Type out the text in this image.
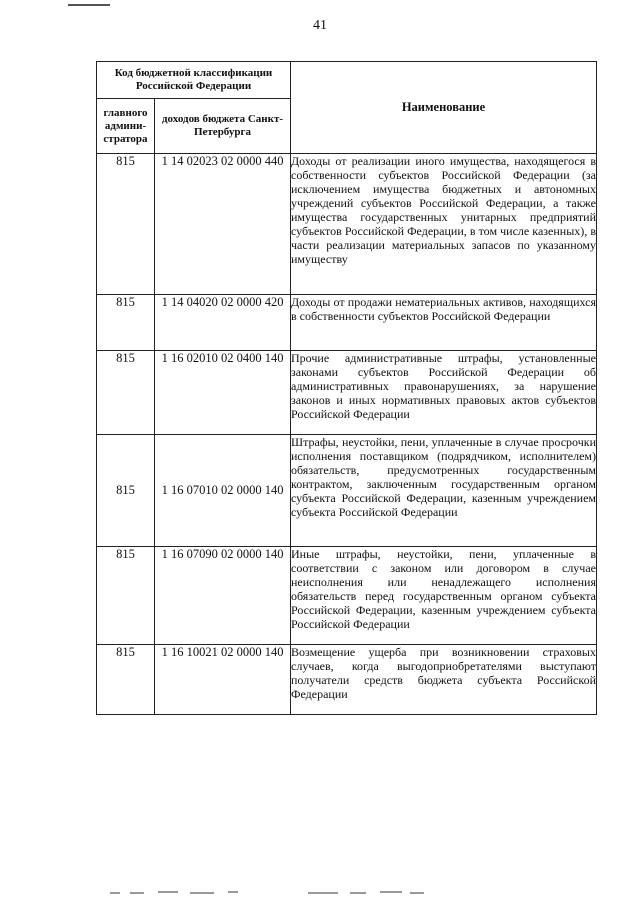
41
Код бюджетной классификации Российской Федерации		Наименование
главного админи-стратора	доходов бюджета Санкт-Петербурга	
815	1 14 02023 02 0000 440	Доходы от реализации иного имущества, находящегося в собственности субъектов Российской Федерации (за исключением имущества бюджетных и автономных учреждений субъектов Российской Федерации, а также имущества государственных унитарных предприятий субъектов Российской Федерации, в том числе казенных), в части реализации материальных запасов по указанному имуществу
815	1 14 04020 02 0000 420	Доходы от продажи нематериальных активов, находящихся в собственности субъектов Российской Федерации
815	1 16 02010 02 0400 140	Прочие административные штрафы, установленные законами субъектов Российской Федерации об административных правонарушениях, за нарушение законов и иных нормативных правовых актов субъектов Российской Федерации
815	1 16 07010 02 0000 140	Штрафы, неустойки, пени, уплаченные в случае просрочки исполнения поставщиком (подрядчиком, исполнителем) обязательств, предусмотренных государственным контрактом, заключенным государственным органом субъекта Российской Федерации, казенным учреждением субъекта Российской Федерации
815	1 16 07090 02 0000 140	Иные штрафы, неустойки, пени, уплаченные в соответствии с законом или договором в случае неисполнения или ненадлежащего исполнения обязательств перед государственным органом субъекта Российской Федерации, казенным учреждением субъекта Российской Федерации
815	1 16 10021 02 0000 140	Возмещение ущерба при возникновении страховых случаев, когда выгодоприобретателями выступают получатели средств бюджета субъекта Российской Федерации
